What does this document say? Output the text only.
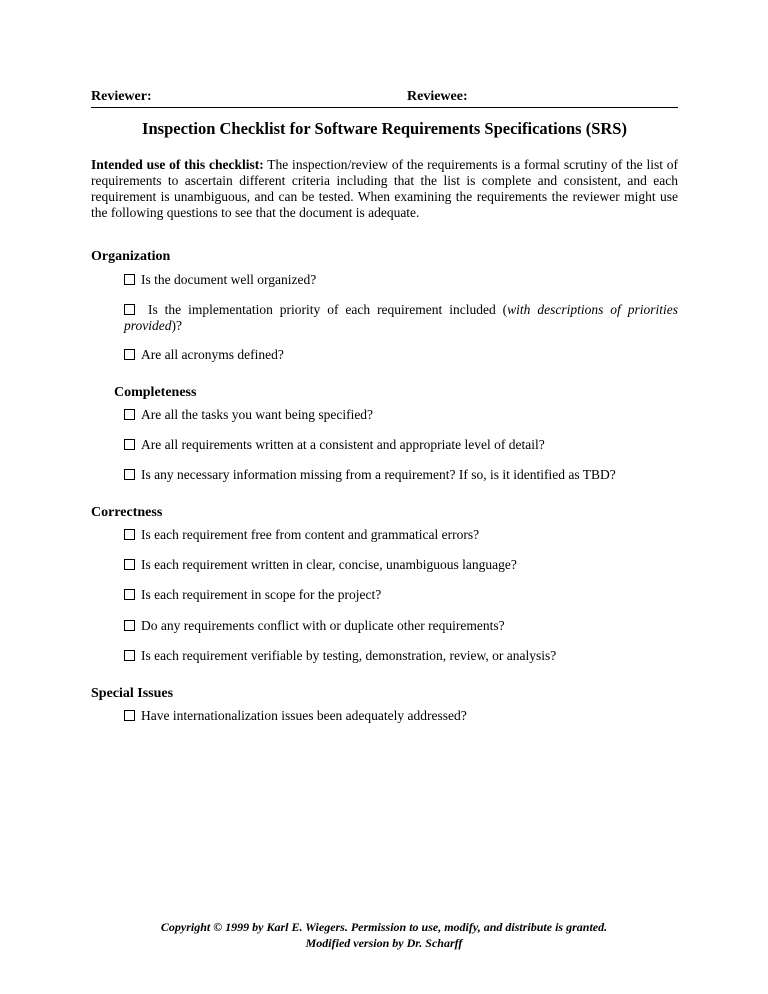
Reviewer:	Reviewee:
Inspection Checklist for Software Requirements Specifications (SRS)
Intended use of this checklist: The inspection/review of the requirements is a formal scrutiny of the list of requirements to ascertain different criteria including that the list is complete and consistent, and each requirement is unambiguous, and can be tested. When examining the requirements the reviewer might use the following questions to see that the document is adequate.
Organization
Is the document well organized?
Is the implementation priority of each requirement included (with descriptions of priorities provided)?
Are all acronyms defined?
Completeness
Are all the tasks you want being specified?
Are all requirements written at a consistent and appropriate level of detail?
Is any necessary information missing from a requirement? If so, is it identified as TBD?
Correctness
Is each requirement free from content and grammatical errors?
Is each requirement written in clear, concise, unambiguous language?
Is each requirement in scope for the project?
Do any requirements conflict with or duplicate other requirements?
Is each requirement verifiable by testing, demonstration, review, or analysis?
Special Issues
Have internationalization issues been adequately addressed?
Copyright © 1999 by Karl E. Wiegers. Permission to use, modify, and distribute is granted.
Modified version by Dr. Scharff
